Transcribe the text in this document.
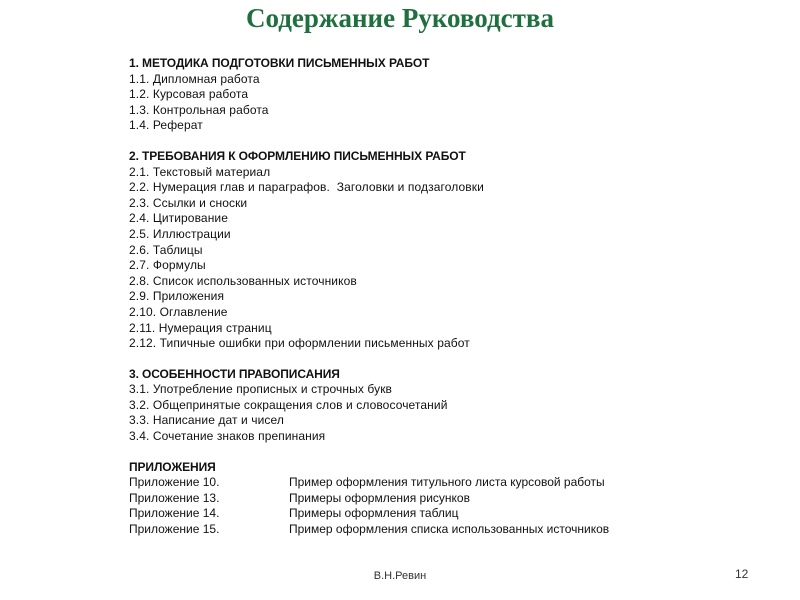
Содержание Руководства
1. МЕТОДИКА ПОДГОТОВКИ ПИСЬМЕННЫХ РАБОТ
1.1. Дипломная работа
1.2. Курсовая работа
1.3. Контрольная работа
1.4. Реферат
2. ТРЕБОВАНИЯ К ОФОРМЛЕНИЮ ПИСЬМЕННЫХ РАБОТ
2.1. Текстовый материал
2.2. Нумерация глав и параграфов.  Заголовки и подзаголовки
2.3. Ссылки и сноски
2.4. Цитирование
2.5. Иллюстрации
2.6. Таблицы
2.7. Формулы
2.8. Список использованных источников
2.9. Приложения
2.10. Оглавление
2.11. Нумерация страниц
2.12. Типичные ошибки при оформлении письменных работ
3. ОСОБЕННОСТИ ПРАВОПИСАНИЯ
3.1. Употребление прописных и строчных букв
3.2. Общепринятые сокращения слов и словосочетаний
3.3. Написание дат и чисел
3.4. Сочетание знаков препинания
ПРИЛОЖЕНИЯ
Приложение 10.	Пример оформления титульного листа курсовой работы
Приложение 13.	Примеры оформления рисунков
Приложение 14.	Примеры оформления таблиц
Приложение 15.	Пример оформления списка использованных источников
В.Н.Ревин	12
